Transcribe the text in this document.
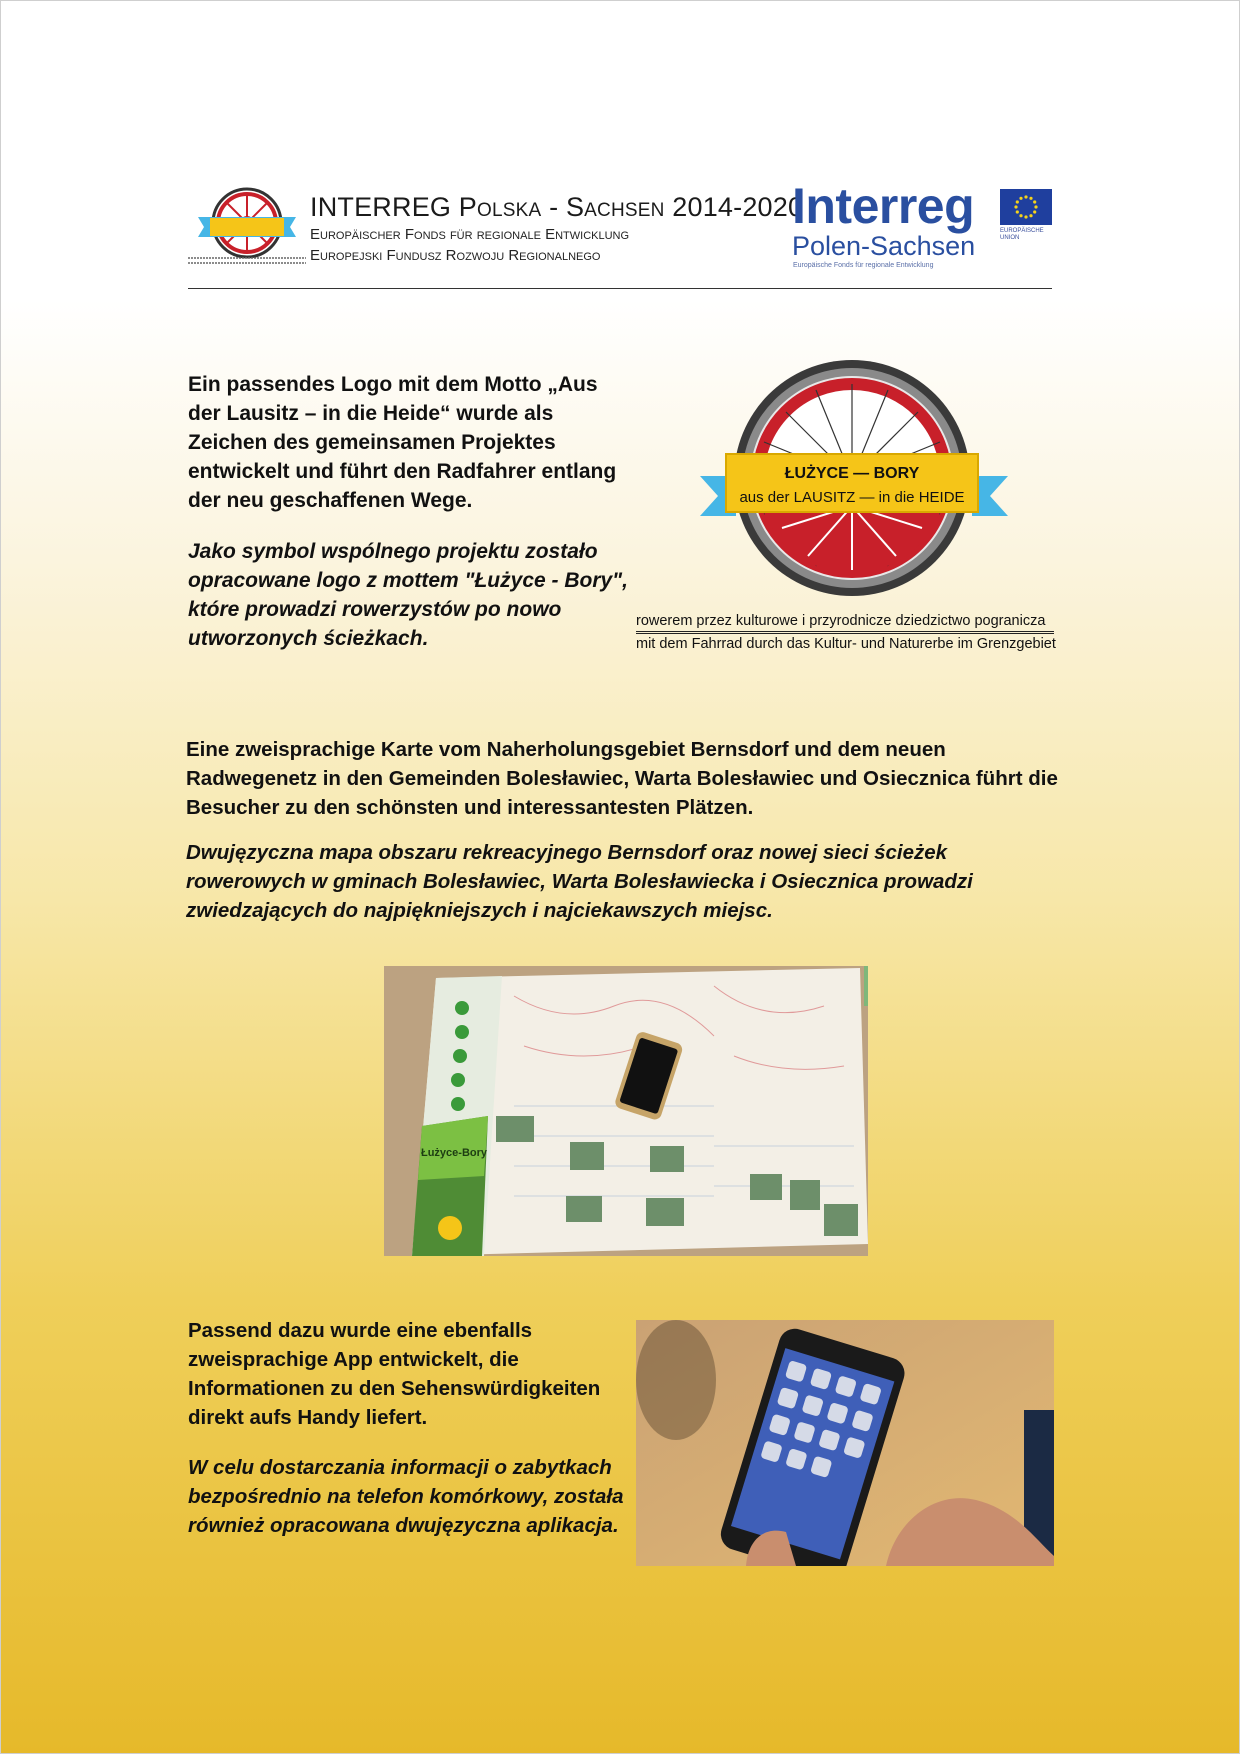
INTERREG Polska - Sachsen 2014-2020
Europäischer Fonds für regionale Entwicklung
Europejski Fundusz Rozwoju Regionalnego
Interreg
Polen-Sachsen
Europäische Fonds für regionale Entwicklung
EUROPÄISCHE UNION
Ein passendes Logo mit dem Motto „Aus der Lausitz – in die Heide“ wurde als Zeichen des gemeinsamen Projektes entwickelt und führt den Radfahrer entlang der neu geschaffenen Wege.
Jako symbol wspólnego projektu zostało opracowane logo z mottem "Łużyce - Bory", które prowadzi rowerzystów po nowo utworzonych ścieżkach.
ŁUŻYCE — BORY
aus der LAUSITZ — in die HEIDE
rowerem przez kulturowe i przyrodnicze dziedzictwo pogranicza
mit dem Fahrrad durch das Kultur- und Naturerbe im Grenzgebiet
Eine zweisprachige Karte vom Naherholungsgebiet Bernsdorf und dem neuen Radwegenetz in den Gemeinden Bolesławiec, Warta Bolesławiec und Osiecznica führt die Besucher zu den schönsten und interessantesten Plätzen.
Dwujęzyczna mapa obszaru rekreacyjnego Bernsdorf oraz nowej sieci ścieżek rowerowych w gminach Bolesławiec, Warta Bolesławiecka i Osiecznica prowadzi zwiedzających do najpiękniejszych i najciekawszych miejsc.
Łużyce-Bory
Passend dazu wurde eine ebenfalls zweisprachige App entwickelt, die Informationen zu den Sehenswürdigkeiten direkt aufs Handy liefert.
W celu dostarczania informacji o zabytkach bezpośrednio na telefon komórkowy, została również opracowana dwujęzyczna aplikacja.
